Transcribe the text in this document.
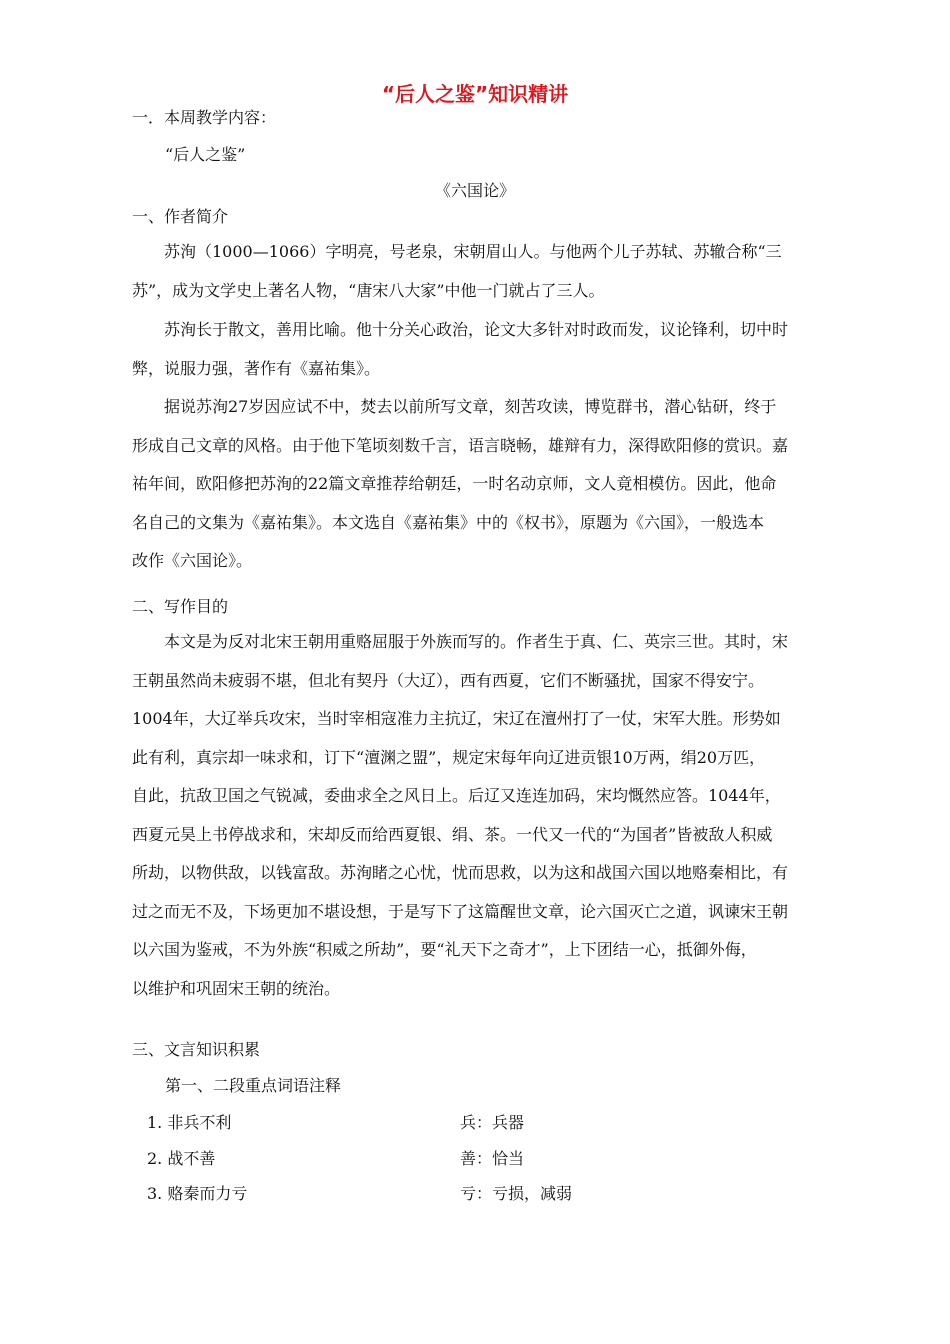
“后人之鉴”知识精讲
一．本周教学内容：
“后人之鉴”
《六国论》
一、作者简介
苏洵（1000—1066）字明亮，号老泉，宋朝眉山人。与他两个儿子苏轼、苏辙合称“三
苏”，成为文学史上著名人物，“唐宋八大家”中他一门就占了三人。
苏洵长于散文，善用比喻。他十分关心政治，论文大多针对时政而发，议论锋利，切中时
弊，说服力强，著作有《嘉祐集》。
据说苏洵27岁因应试不中，焚去以前所写文章，刻苦攻读，博览群书，潜心钻研，终于
形成自己文章的风格。由于他下笔顷刻数千言，语言晓畅，雄辩有力，深得欧阳修的赏识。嘉
祐年间，欧阳修把苏洵的22篇文章推荐给朝廷，一时名动京师，文人竟相模仿。因此，他命
名自己的文集为《嘉祐集》。本文选自《嘉祐集》中的《权书》，原题为《六国》，一般选本
改作《六国论》。
二、写作目的
本文是为反对北宋王朝用重赂屈服于外族而写的。作者生于真、仁、英宗三世。其时，宋
王朝虽然尚未疲弱不堪，但北有契丹（大辽），西有西夏，它们不断骚扰，国家不得安宁。
1004年，大辽举兵攻宋，当时宰相寇准力主抗辽，宋辽在澶州打了一仗，宋军大胜。形势如
此有利，真宗却一味求和，订下“澶渊之盟”，规定宋每年向辽进贡银10万两，绢20万匹，
自此，抗敌卫国之气锐减，委曲求全之风日上。后辽又连连加码，宋均慨然应答。1044年，
西夏元昊上书停战求和，宋却反而给西夏银、绢、茶。一代又一代的“为国者”皆被敌人积威
所劫，以物供敌，以钱富敌。苏洵睹之心忧，忧而思救，以为这和战国六国以地赂秦相比，有
过之而无不及，下场更加不堪设想，于是写下了这篇醒世文章，论六国灭亡之道，讽谏宋王朝
以六国为鉴戒，不为外族“积威之所劫”，要“礼天下之奇才”，上下团结一心，抵御外侮，
以维护和巩固宋王朝的统治。
三、文言知识积累
第一、二段重点词语注释
1. 非兵不利	兵：兵器
2. 战不善	善：恰当
3. 赂秦而力亏	亏：亏损，减弱
